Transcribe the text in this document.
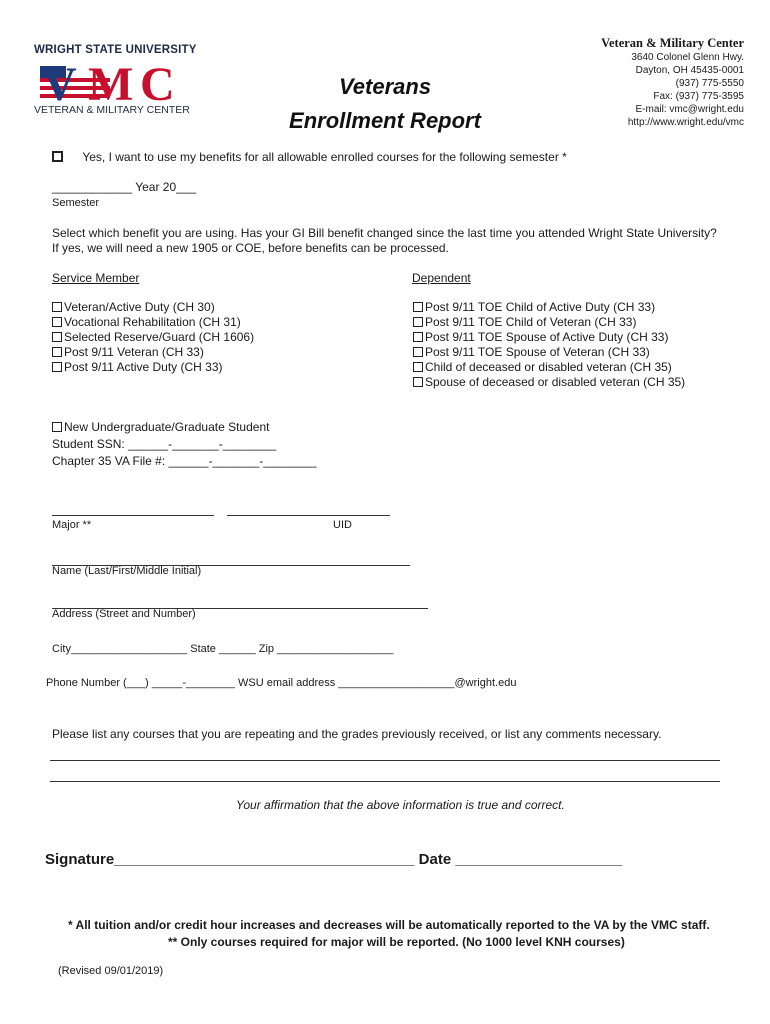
WRIGHT STATE UNIVERSITY
V M C
VETERAN & MILITARY CENTER
Veterans
Enrollment Report
Veteran & Military Center
3640 Colonel Glenn Hwy.
Dayton, OH 45435-0001
(937) 775-5550
Fax: (937) 775-3595
E-mail: vmc@wright.edu
http://www.wright.edu/vmc
Yes, I want to use my benefits for all allowable enrolled courses for the following semester *
____________ Year 20___
Semester
Select which benefit you are using. Has your GI Bill benefit changed since the last time you attended Wright State University?
If yes, we will need a new 1905 or COE, before benefits can be processed.
Service Member	Dependent
Veteran/Active Duty (CH 30)
Vocational Rehabilitation (CH 31)
Selected Reserve/Guard (CH 1606)
Post 9/11 Veteran (CH 33)
Post 9/11 Active Duty (CH 33)
Post 9/11 TOE Child of Active Duty (CH 33)
Post 9/11 TOE Child of Veteran (CH 33)
Post 9/11 TOE Spouse of Active Duty (CH 33)
Post 9/11 TOE Spouse of Veteran (CH 33)
Child of deceased or disabled veteran (CH 35)
Spouse of deceased or disabled veteran (CH 35)
New Undergraduate/Graduate Student
Student SSN: ______-_______-________
Chapter 35 VA File #: ______-_______-________
Major **	UID
Name (Last/First/Middle Initial)
Address (Street and Number)
City___________________ State ______ Zip ___________________
Phone Number (___) _____-________ WSU email address ___________________@wright.edu
Please list any courses that you are repeating and the grades previously received, or list any comments necessary.
Your affirmation that the above information is true and correct.
Signature____________________________________ Date ____________________
* All tuition and/or credit hour increases and decreases will be automatically reported to the VA by the VMC staff.
** Only courses required for major will be reported. (No 1000 level KNH courses)
(Revised 09/01/2019)
